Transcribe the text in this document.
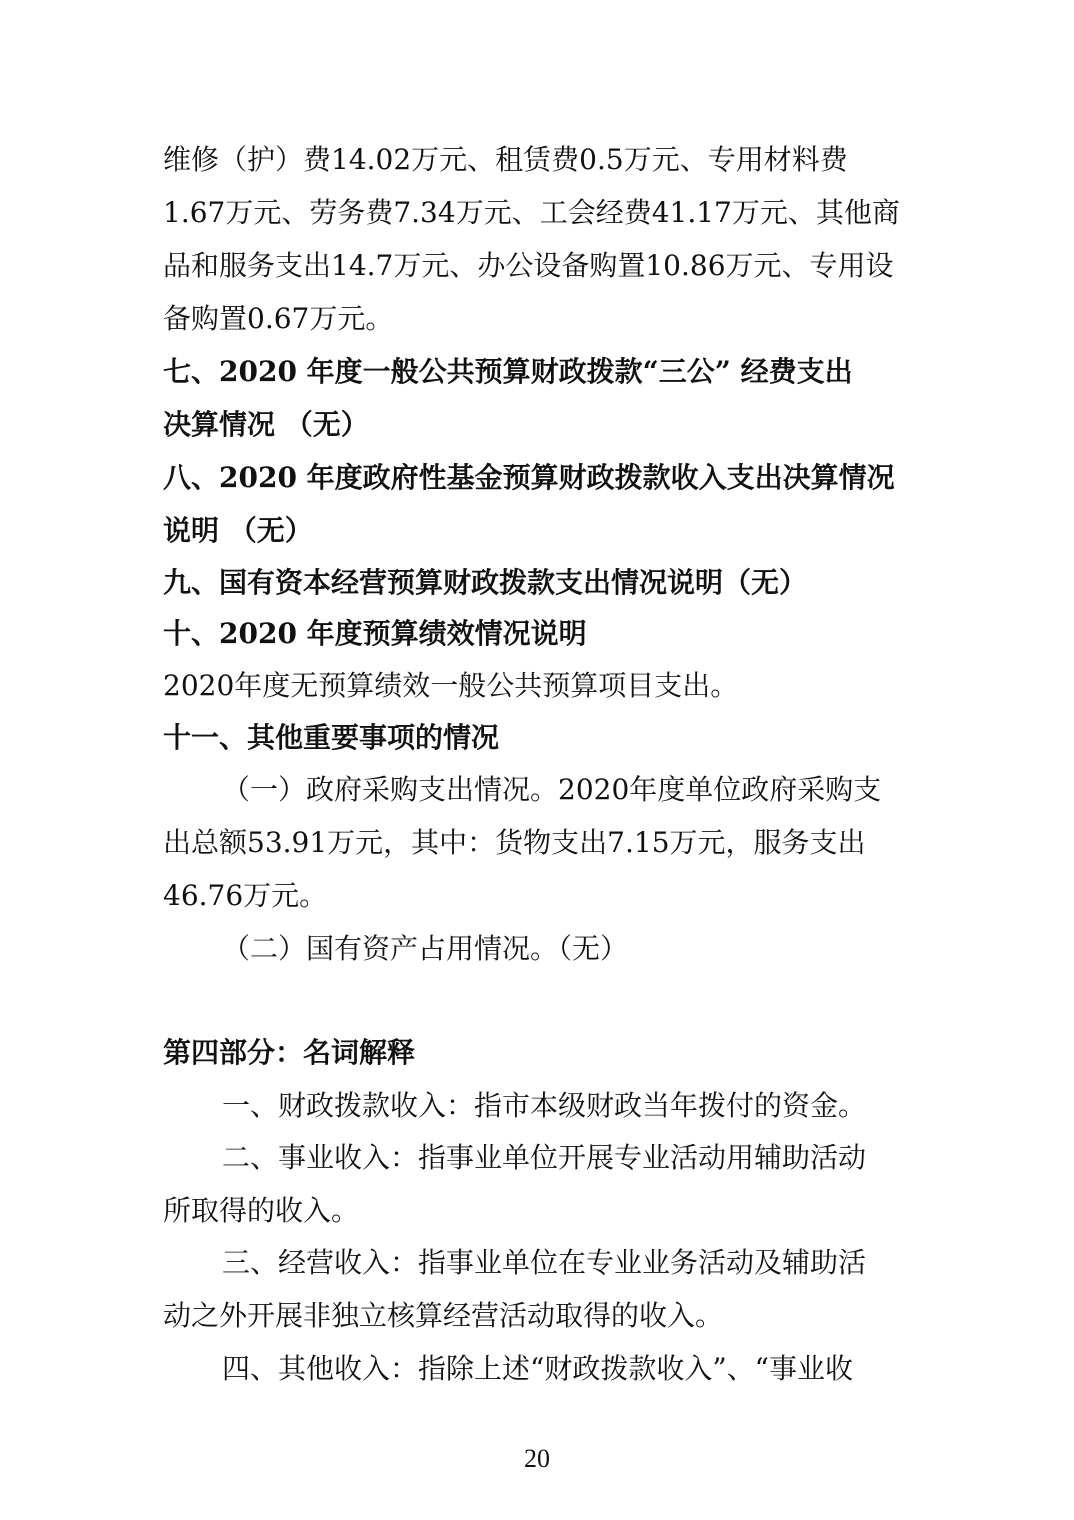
维修（护）费14.02万元、租赁费0.5万元、专用材料费
1.67万元、劳务费7.34万元、工会经费41.17万元、其他商
品和服务支出14.7万元、办公设备购置10.86万元、专用设
备购置0.67万元。
七、2020 年度一般公共预算财政拨款“三公” 经费支出
决算情况 （无）
八、2020 年度政府性基金预算财政拨款收入支出决算情况
说明 （无）
九、国有资本经营预算财政拨款支出情况说明（无）
十、2020 年度预算绩效情况说明
2020年度无预算绩效一般公共预算项目支出。
十一、其他重要事项的情况
（一）政府采购支出情况。2020年度单位政府采购支
出总额53.91万元，其中：货物支出7.15万元，服务支出
46.76万元。
（二）国有资产占用情况。（无）
第四部分：名词解释
一、财政拨款收入：指市本级财政当年拨付的资金。
二、事业收入：指事业单位开展专业活动用辅助活动
所取得的收入。
三、经营收入：指事业单位在专业业务活动及辅助活
动之外开展非独立核算经营活动取得的收入。
四、其他收入：指除上述“财政拨款收入”、“事业收
20
